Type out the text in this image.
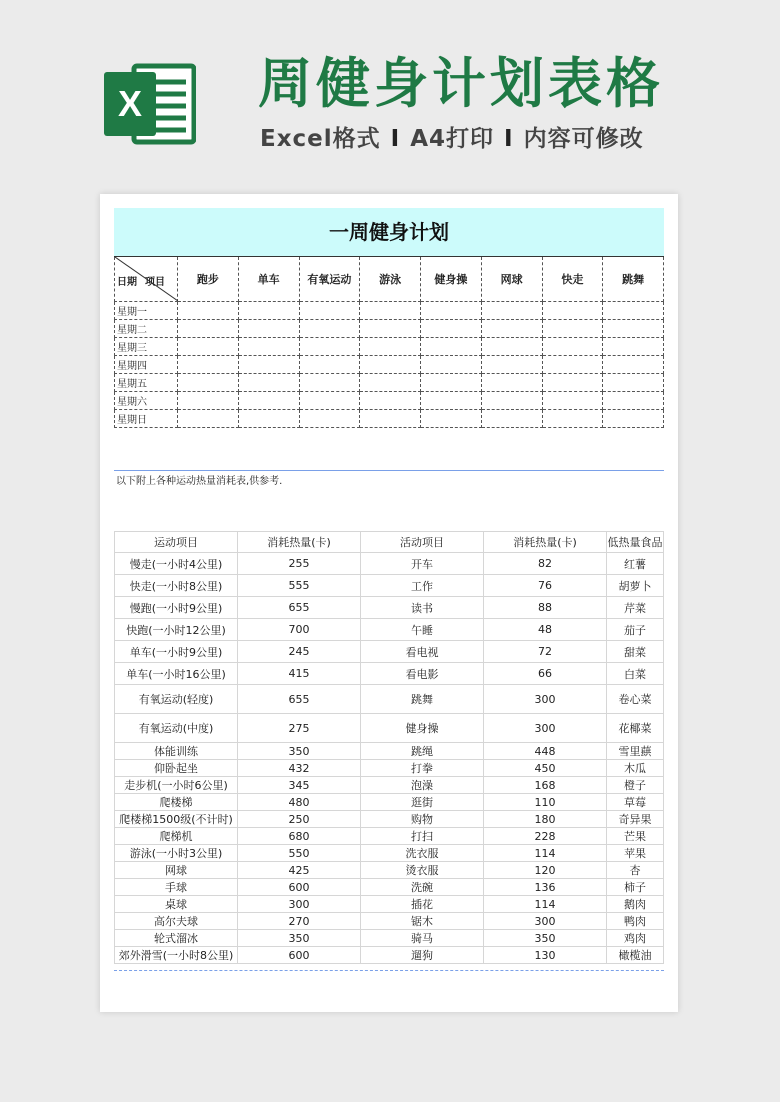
X 周健身计划表格
Excel格式 I A4打印 I 内容可修改
一周健身计划
日期 项目	跑步	单车	有氧运动	游泳	健身操	网球	快走	跳舞
星期一								
星期二								
星期三								
星期四								
星期五								
星期六								
星期日								
以下附上各种运动热量消耗表,供参考.
运动项目	消耗热量(卡)	活动项目	消耗热量(卡)	低热量食品
慢走(一小时4公里)	255	开车	82	红薯
快走(一小时8公里)	555	工作	76	胡萝卜
慢跑(一小时9公里)	655	读书	88	芹菜
快跑(一小时12公里)	700	午睡	48	茄子
单车(一小时9公里)	245	看电视	72	甜菜
单车(一小时16公里)	415	看电影	66	白菜
有氧运动(轻度)	655	跳舞	300	卷心菜
有氧运动(中度)	275	健身操	300	花椰菜
体能训练	350	跳绳	448	雪里蕻
仰卧起坐	432	打拳	450	木瓜
走步机(一小时6公里)	345	泡澡	168	橙子
爬楼梯	480	逛街	110	草莓
爬楼梯1500级(不计时)	250	购物	180	奇异果
爬梯机	680	打扫	228	芒果
游泳(一小时3公里)	550	洗衣服	114	苹果
网球	425	烫衣服	120	杏
手球	600	洗碗	136	柿子
桌球	300	插花	114	鹅肉
高尔夫球	270	锯木	300	鸭肉
轮式溜冰	350	骑马	350	鸡肉
郊外滑雪(一小时8公里)	600	遛狗	130	橄榄油
